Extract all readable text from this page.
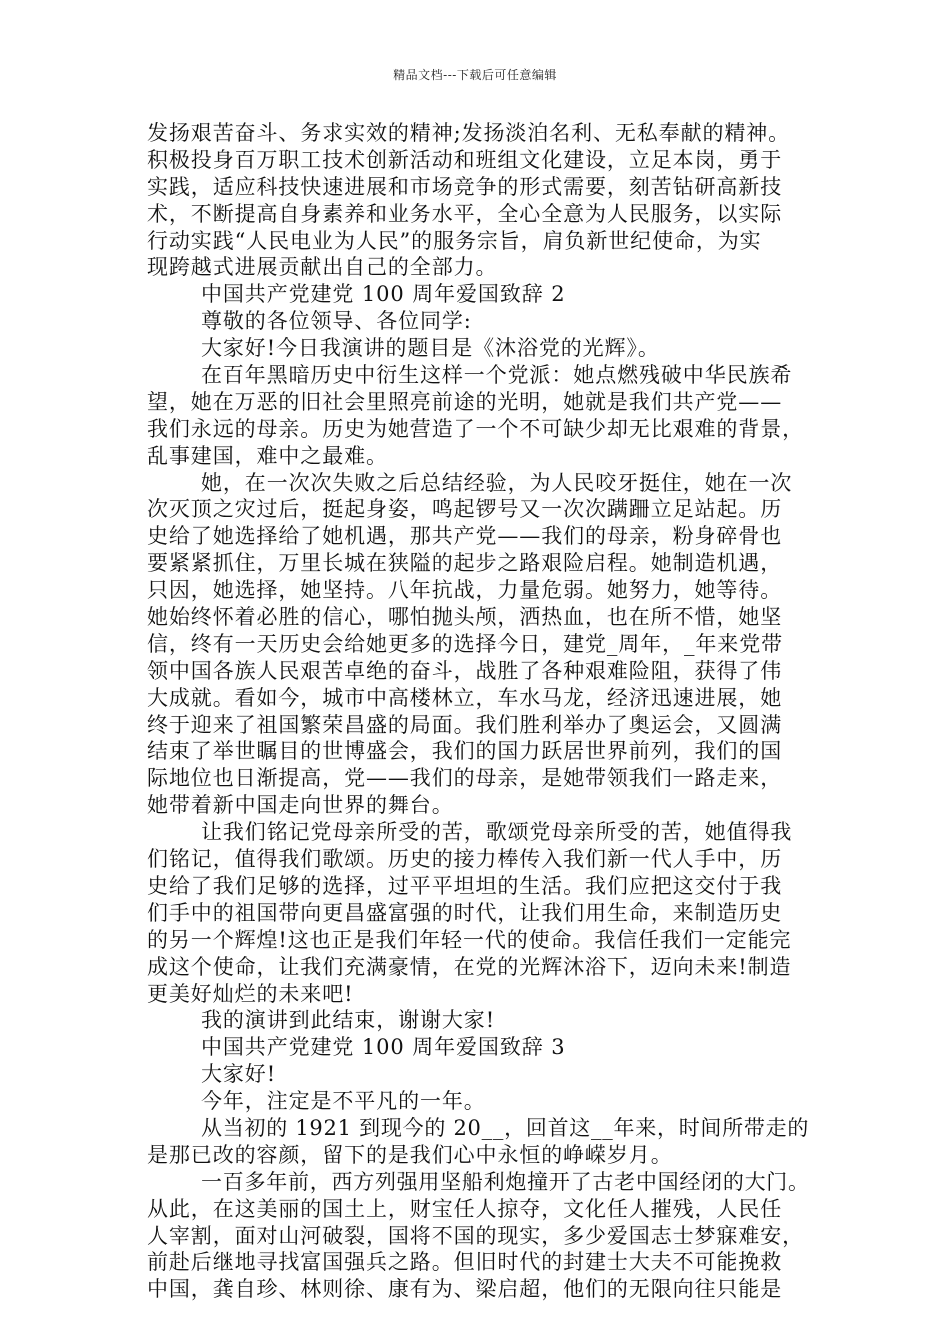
精品文档---下载后可任意编辑
发扬艰苦奋斗、务求实效的精神;发扬淡泊名利、无私奉献的精神。
积极投身百万职工技术创新活动和班组文化建设，立足本岗，勇于
实践，适应科技快速进展和市场竞争的形式需要，刻苦钻研高新技
术，不断提高自身素养和业务水平，全心全意为人民服务，以实际
行动实践“人民电业为人民”的服务宗旨，肩负新世纪使命，为实
现跨越式进展贡献出自己的全部力。
中国共产党建党 100 周年爱国致辞 2
尊敬的各位领导、各位同学:
大家好!今日我演讲的题目是《沐浴党的光辉》。
在百年黑暗历史中衍生这样一个党派：她点燃残破中华民族希
望，她在万恶的旧社会里照亮前途的光明，她就是我们共产党——
我们永远的母亲。历史为她营造了一个不可缺少却无比艰难的背景，
乱事建国，难中之最难。
她，在一次次失败之后总结经验，为人民咬牙挺住，她在一次
次灭顶之灾过后，挺起身姿，鸣起锣号又一次次蹒跚立足站起。历
史给了她选择给了她机遇，那共产党——我们的母亲，粉身碎骨也
要紧紧抓住，万里长城在狭隘的起步之路艰险启程。她制造机遇，
只因，她选择，她坚持。八年抗战，力量危弱。她努力，她等待。
她始终怀着必胜的信心，哪怕抛头颅，洒热血，也在所不惜，她坚
信，终有一天历史会给她更多的选择今日，建党_周年，_年来党带
领中国各族人民艰苦卓绝的奋斗，战胜了各种艰难险阻，获得了伟
大成就。看如今，城市中高楼林立，车水马龙，经济迅速进展，她
终于迎来了祖国繁荣昌盛的局面。我们胜利举办了奥运会，又圆满
结束了举世瞩目的世博盛会，我们的国力跃居世界前列，我们的国
际地位也日渐提高，党——我们的母亲，是她带领我们一路走来，
她带着新中国走向世界的舞台。
让我们铭记党母亲所受的苦，歌颂党母亲所受的苦，她值得我
们铭记，值得我们歌颂。历史的接力棒传入我们新一代人手中，历
史给了我们足够的选择，过平平坦坦的生活。我们应把这交付于我
们手中的祖国带向更昌盛富强的时代，让我们用生命，来制造历史
的另一个辉煌!这也正是我们年轻一代的使命。我信任我们一定能完
成这个使命，让我们充满豪情，在党的光辉沐浴下，迈向未来!制造
更美好灿烂的未来吧!
我的演讲到此结束，谢谢大家!
中国共产党建党 100 周年爱国致辞 3
大家好!
今年，注定是不平凡的一年。
从当初的 1921 到现今的 20__，回首这__年来，时间所带走的
是那已改的容颜，留下的是我们心中永恒的峥嵘岁月。
一百多年前，西方列强用坚船利炮撞开了古老中国经闭的大门。
从此，在这美丽的国土上，财宝任人掠夺，文化任人摧残，人民任
人宰割，面对山河破裂，国将不国的现实，多少爱国志士梦寐难安，
前赴后继地寻找富国强兵之路。但旧时代的封建士大夫不可能挽救
中国，龚自珍、林则徐、康有为、梁启超，他们的无限向往只能是
